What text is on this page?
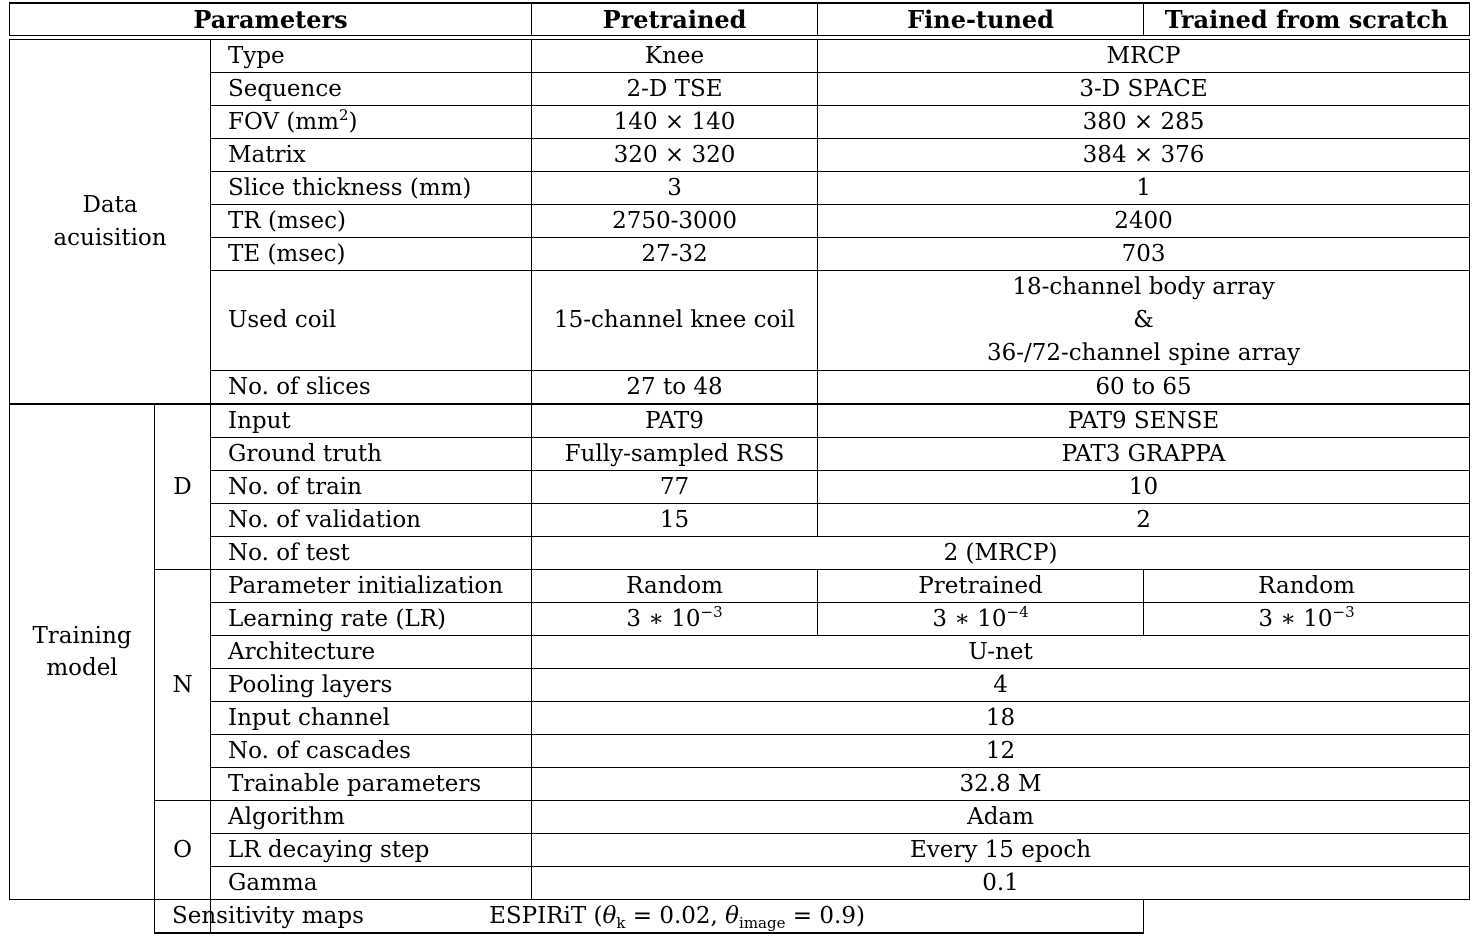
Parameters			Pretrained	Fine-tuned	Trained from scratch

Data
acuisition		Type	Knee	MRCP	
		Sequence	2-D TSE	3-D SPACE	
		FOV $(mm^2)$	140 × 140	380 × 285	
		Matrix	320 × 320	384 × 376	
		Slice thickness (mm)	3	1	
		TR (msec)	2750-3000	2400	
		TE (msec)	27-32	703	
		Used coil	15-channel knee coil	18-channel body array
&
36-/72-channel spine array	

		No. of slices	27 to 48	60 to 65	
Training
model	D	Input	PAT9	PAT9 SENSE	
		Ground truth	Fully-sampled RSS	PAT3 GRAPPA	
		No. of train	77	10	
		No. of validation	15	2	
		No. of test	2 (MRCP)		
	N	Parameter initialization	Random	Pretrained	Random
		Learning rate (LR)	3 ∗ $10^{-3}$	3 ∗ $10^{-4}$	3 ∗ $10^{-3}$
		Architecture	U-net		
		Pooling layers	4		
		Input channel	18		
		No. of cascades	12		
		Trainable parameters	32.8 M		
	O	Algorithm	Adam		
		LR decaying step	Every 15 epoch		
		Gamma	0.1		
	Sensitivity maps	ESPIRiT ($\theta_k = 0.02$, $\theta_{image} = 0.9$)			
